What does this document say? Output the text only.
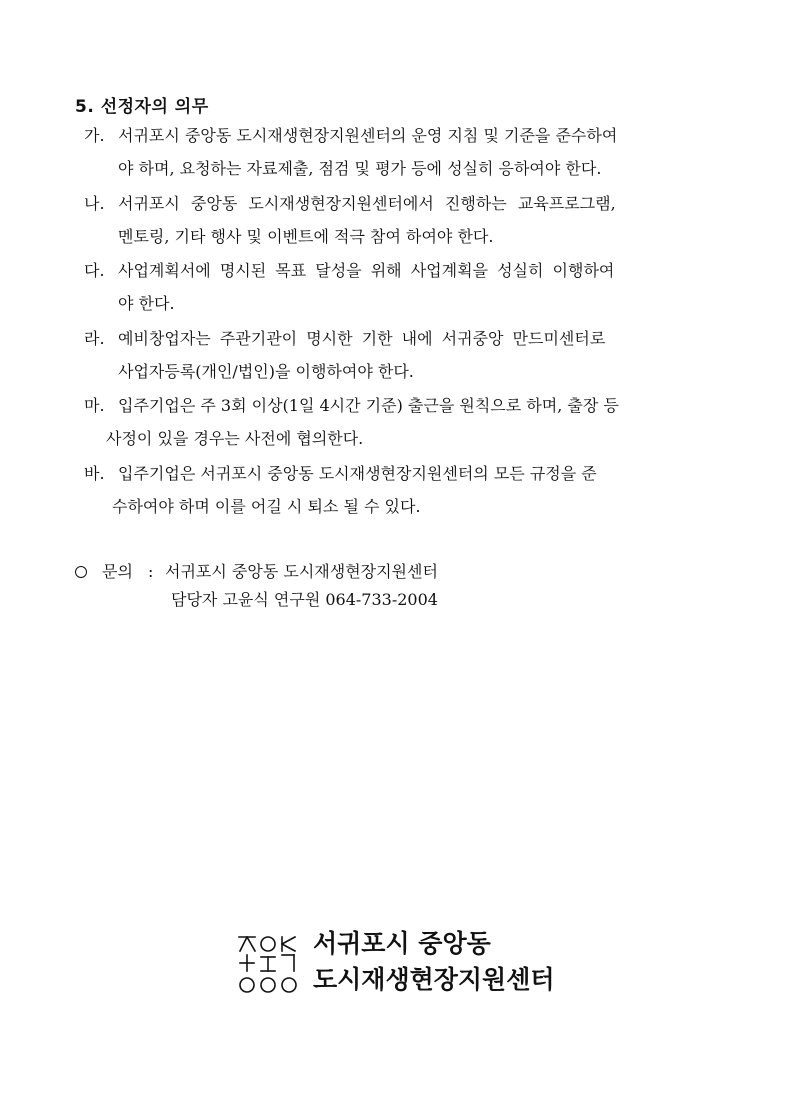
5. 선정자의 의무
가. 서귀포시 중앙동 도시재생현장지원센터의 운영 지침 및 기준을 준수하여
야 하며, 요청하는 자료제출, 점검 및 평가 등에 성실히 응하여야 한다.
나. 서귀포시 중앙동 도시재생현장지원센터에서 진행하는 교육프로그램,
멘토링, 기타 행사 및 이벤트에 적극 참여 하여야 한다.
다. 사업계획서에 명시된 목표 달성을 위해 사업계획을 성실히 이행하여
야 한다.
라. 예비창업자는 주관기관이 명시한 기한 내에 서귀중앙 만드미센터로
사업자등록(개인/법인)을 이행하여야 한다.
마. 입주기업은 주 3회 이상(1일 4시간 기준) 출근을 원칙으로 하며, 출장 등
사정이 있을 경우는 사전에 협의한다.
바. 입주기업은 서귀포시 중앙동 도시재생현장지원센터의 모든 규정을 준
수하여야 하며 이를 어길 시 퇴소 될 수 있다.
문의 : 서귀포시 중앙동 도시재생현장지원센터
담당자 고윤식 연구원 064-733-2004
서귀포시 중앙동
도시재생현장지원센터
